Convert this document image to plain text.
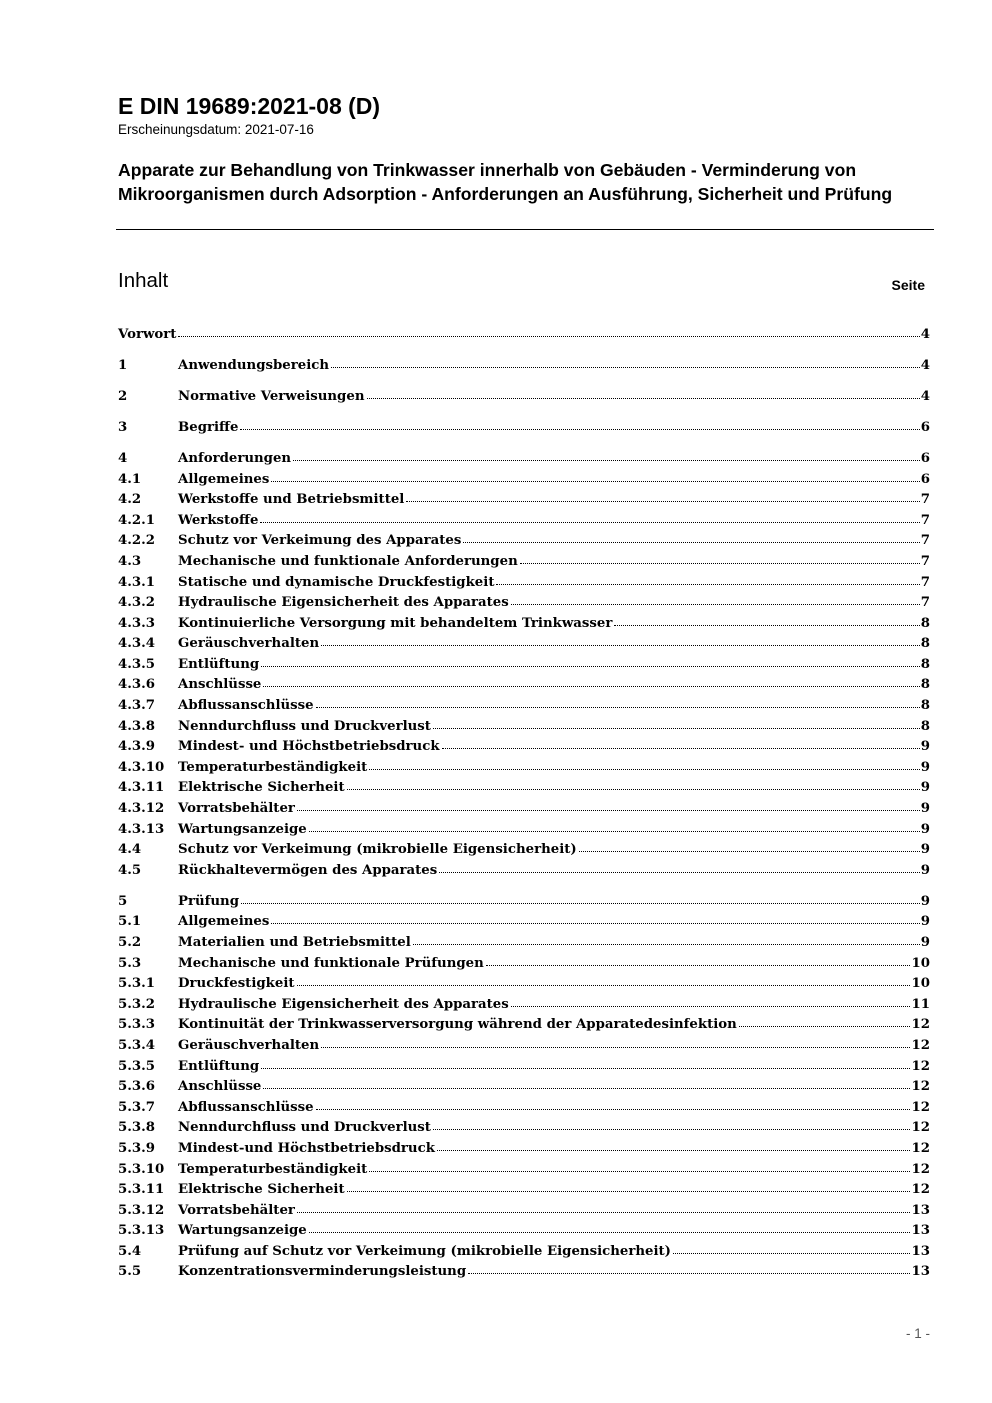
E DIN 19689:2021-08 (D)
Erscheinungsdatum: 2021-07-16
Apparate zur Behandlung von Trinkwasser innerhalb von Gebäuden - Verminderung von Mikroorganismen durch Adsorption - Anforderungen an Ausführung, Sicherheit und Prüfung
Inhalt	Seite
Vorwort	4
1	Anwendungsbereich	4
2	Normative Verweisungen	4
3	Begriffe	6
4	Anforderungen	6
4.1	Allgemeines	6
4.2	Werkstoffe und Betriebsmittel	7
4.2.1	Werkstoffe	7
4.2.2	Schutz vor Verkeimung des Apparates	7
4.3	Mechanische und funktionale Anforderungen	7
4.3.1	Statische und dynamische Druckfestigkeit	7
4.3.2	Hydraulische Eigensicherheit des Apparates	7
4.3.3	Kontinuierliche Versorgung mit behandeltem Trinkwasser	8
4.3.4	Geräuschverhalten	8
4.3.5	Entlüftung	8
4.3.6	Anschlüsse	8
4.3.7	Abflussanschlüsse	8
4.3.8	Nenndurchfluss und Druckverlust	8
4.3.9	Mindest- und Höchstbetriebsdruck	9
4.3.10	Temperaturbeständigkeit	9
4.3.11	Elektrische Sicherheit	9
4.3.12	Vorratsbehälter	9
4.3.13	Wartungsanzeige	9
4.4	Schutz vor Verkeimung (mikrobielle Eigensicherheit)	9
4.5	Rückhaltevermögen des Apparates	9
5	Prüfung	9
5.1	Allgemeines	9
5.2	Materialien und Betriebsmittel	9
5.3	Mechanische und funktionale Prüfungen	10
5.3.1	Druckfestigkeit	10
5.3.2	Hydraulische Eigensicherheit des Apparates	11
5.3.3	Kontinuität der Trinkwasserversorgung während der Apparatedesinfektion	12
5.3.4	Geräuschverhalten	12
5.3.5	Entlüftung	12
5.3.6	Anschlüsse	12
5.3.7	Abflussanschlüsse	12
5.3.8	Nenndurchfluss und Druckverlust	12
5.3.9	Mindest-und Höchstbetriebsdruck	12
5.3.10	Temperaturbeständigkeit	12
5.3.11	Elektrische Sicherheit	12
5.3.12	Vorratsbehälter	13
5.3.13	Wartungsanzeige	13
5.4	Prüfung auf Schutz vor Verkeimung (mikrobielle Eigensicherheit)	13
5.5	Konzentrationsverminderungsleistung	13
- 1 -
